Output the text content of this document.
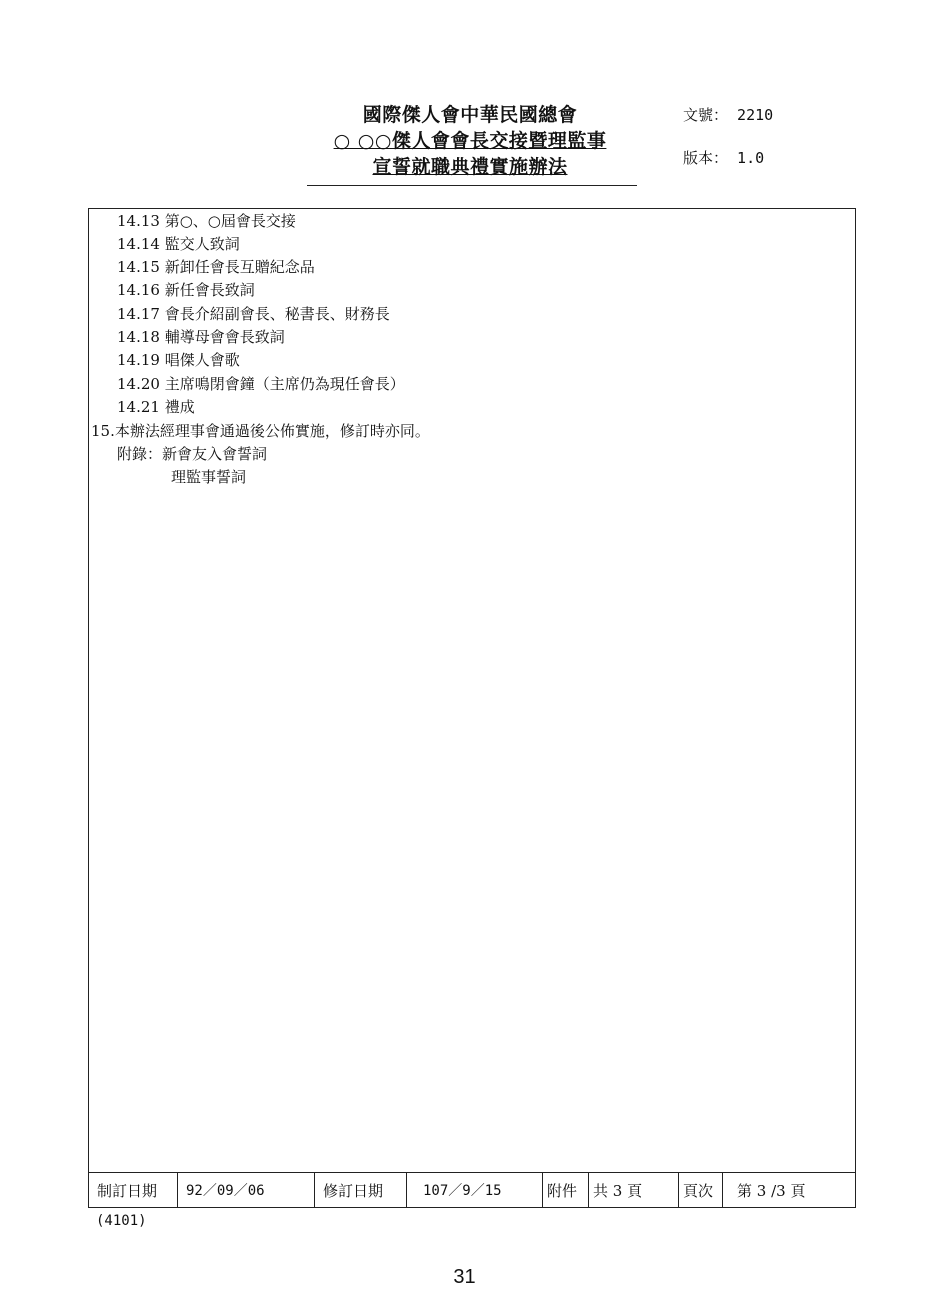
國際傑人會中華民國總會
○ ○○傑人會會長交接暨理監事
宣誓就職典禮實施辦法
文號： 2210
版本： 1.0
14.13 第○、○屆會長交接
14.14 監交人致詞
14.15 新卸任會長互贈紀念品
14.16 新任會長致詞
14.17 會長介紹副會長、秘書長、財務長
14.18 輔導母會會長致詞
14.19 唱傑人會歌
14.20 主席鳴閉會鐘（主席仍為現任會長）
14.21 禮成
15.本辦法經理事會通過後公佈實施，修訂時亦同。
附錄：新會友入會誓詞
理監事誓詞
制訂日期	92／09／06	修訂日期	107／9／15	附件	共 3 頁	頁次	第 3 /3 頁
(4101)
31
